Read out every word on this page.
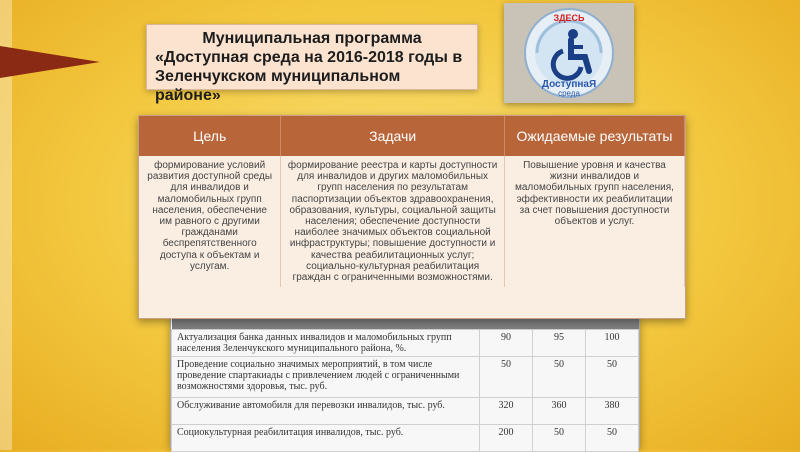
Муниципальная программа
«Доступная среда на 2016-2018 годы в
Зеленчукском муниципальном районе»
ЗДЕСЬ
ДоступнаЯ
среда

Актуализация банка данных инвалидов и маломобильных групп населения Зеленчукского муниципального района, %.	90	95	100
Проведение социально значимых мероприятий, в том числе проведение спартакиады с привлечением людей с ограниченными возможностями здоровья, тыс. руб.	50	50	50
Обслуживание автомобиля для перевозки инвалидов, тыс. руб.	320	360	380
Социокультурная реабилитация инвалидов, тыс. руб.	200	50	50
Цель	Задачи	Ожидаемые результаты
формирование условий развития доступной среды для инвалидов и маломобильных групп населения, обеспечение им равного с другими гражданами беспрепятственного доступа к объектам и услугам.	формирование реестра и карты доступности для инвалидов и других маломобильных групп населения по результатам паспортизации объектов здравоохранения, образования, культуры, социальной защиты населения; обеспечение доступности наиболее значимых объектов социальной инфраструктуры; повышение доступности и качества реабилитационных услуг; социально-культурная реабилитация граждан с ограниченными возможностями.	Повышение уровня и качества жизни инвалидов и маломобильных групп населения, эффективности их реабилитации за счет повышения доступности объектов и услуг.
